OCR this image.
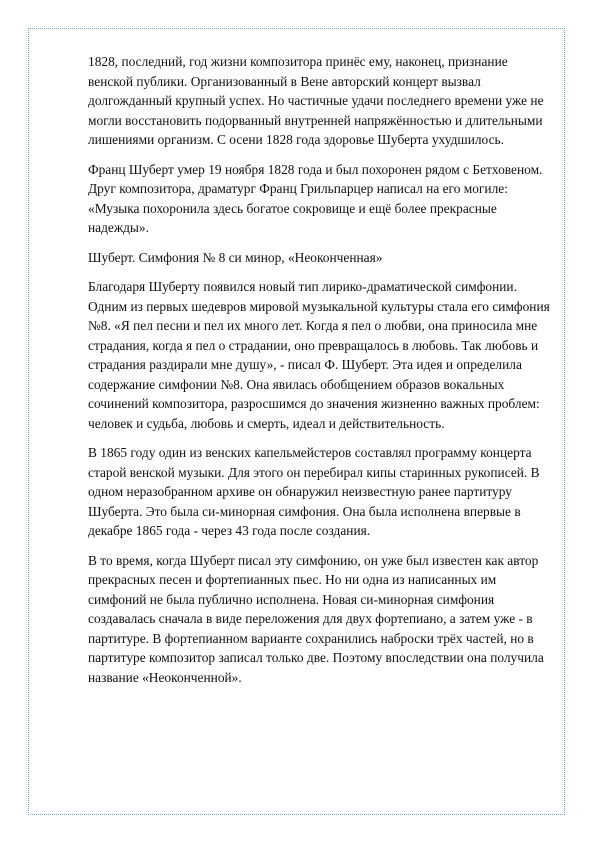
1828, последний, год жизни композитора принёс ему, наконец, признание венской публики. Организованный в Вене авторский концерт вызвал долгожданный крупный успех. Но частичные удачи последнего времени уже не могли восстановить подорванный внутренней напряжённостью и длительными лишениями организм. С осени 1828 года здоровье Шуберта ухудшилось.

Франц Шуберт умер 19 ноября 1828 года и был похоронен рядом с Бетховеном. Друг композитора, драматург Франц Грильпарцер написал на его могиле: «Музыка похоронила здесь богатое сокровище и ещё более прекрасные надежды».

Шуберт. Симфония № 8 си минор, «Неоконченная»

Благодаря Шуберту появился новый тип лирико-драматической симфонии. Одним из первых шедевров мировой музыкальной культуры стала его симфония №8. «Я пел песни и пел их много лет. Когда я пел о любви, она приносила мне страдания, когда я пел о страдании, оно превращалось в любовь. Так любовь и страдания раздирали мне душу», - писал Ф. Шуберт. Эта идея и определила содержание симфонии №8. Она явилась обобщением образов вокальных сочинений композитора, разросшимся до значения жизненно важных проблем: человек и судьба, любовь и смерть, идеал и действительность.

В 1865 году один из венских капельмейстеров составлял программу концерта старой венской музыки. Для этого он перебирал кипы старинных рукописей. В одном неразобранном архиве он обнаружил неизвестную ранее партитуру Шуберта. Это была си-минорная симфония. Она была исполнена впервые в декабре 1865 года - через 43 года после создания.

В то время, когда Шуберт писал эту симфонию, он уже был известен как автор прекрасных песен и фортепианных пьес. Но ни одна из написанных им симфоний не была публично исполнена. Новая си-минорная симфония создавалась сначала в виде переложения для двух фортепиано, а затем уже - в партитуре. В фортепианном варианте сохранились наброски трёх частей, но в партитуре композитор записал только две. Поэтому впоследствии она получила название «Неоконченной».
